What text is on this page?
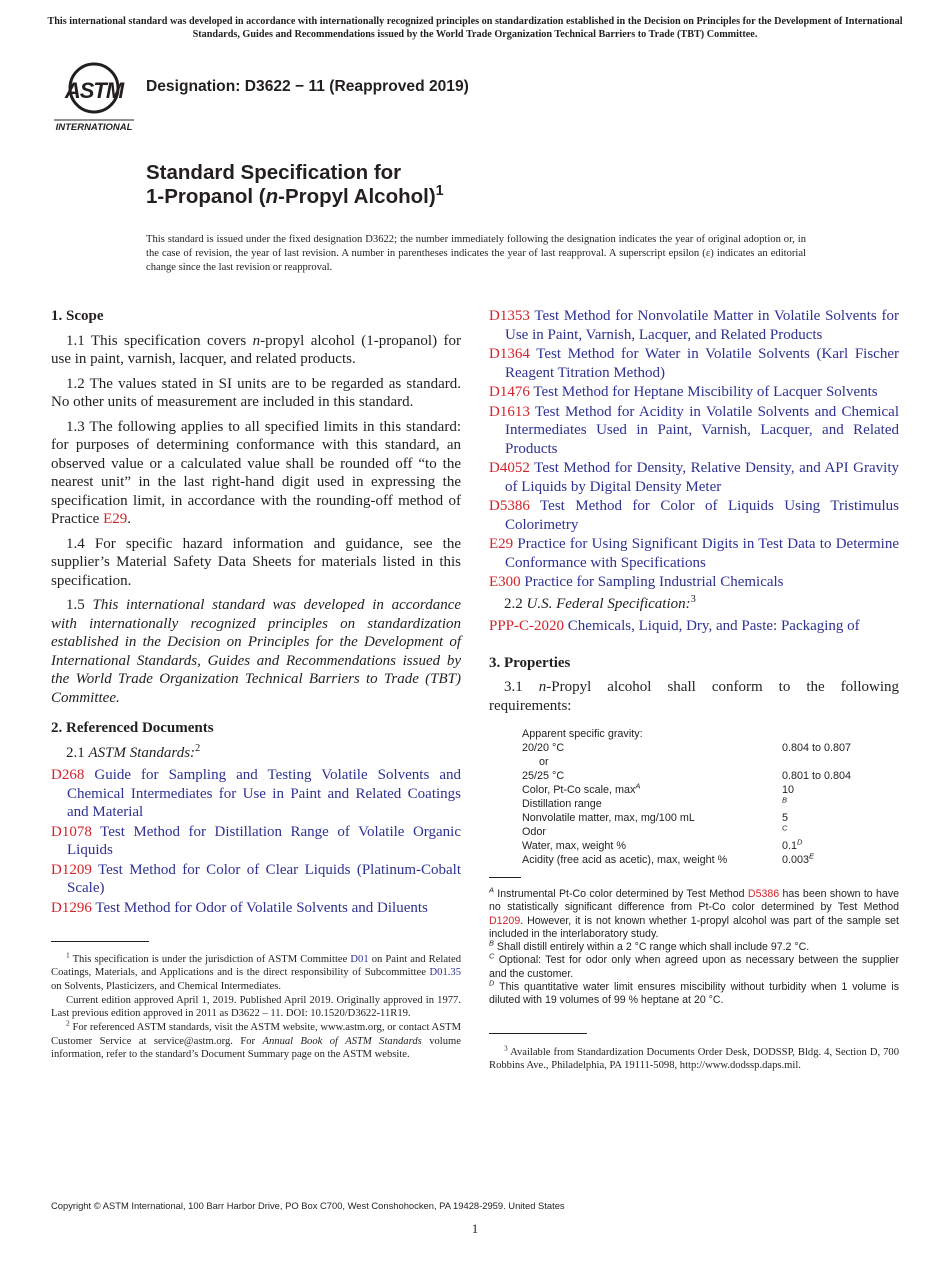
This international standard was developed in accordance with internationally recognized principles on standardization established in the Decision on Principles for the Development of International Standards, Guides and Recommendations issued by the World Trade Organization Technical Barriers to Trade (TBT) Committee.
ASTM
INTERNATIONAL
Designation: D3622 − 11 (Reapproved 2019)
Standard Specification for
1-Propanol (n-Propyl Alcohol)$^1$
This standard is issued under the fixed designation D3622; the number immediately following the designation indicates the year of original adoption or, in the case of revision, the year of last revision. A number in parentheses indicates the year of last reapproval. A superscript epsilon (ε) indicates an editorial change since the last revision or reapproval.
1. Scope

1.1 This specification covers n-propyl alcohol (1-propanol) for use in paint, varnish, lacquer, and related products.

1.2 The values stated in SI units are to be regarded as standard. No other units of measurement are included in this standard.

1.3 The following applies to all specified limits in this standard: for purposes of determining conformance with this standard, an observed value or a calculated value shall be rounded off “to the nearest unit” in the last right-hand digit used in expressing the specification limit, in accordance with the rounding-off method of Practice E29.

1.4 For specific hazard information and guidance, see the supplier’s Material Safety Data Sheets for materials listed in this specification.

1.5 This international standard was developed in accordance with internationally recognized principles on standardization established in the Decision on Principles for the Development of International Standards, Guides and Recommendations issued by the World Trade Organization Technical Barriers to Trade (TBT) Committee.

2. Referenced Documents

2.1 ASTM Standards:$^2$

D268 Guide for Sampling and Testing Volatile Solvents and Chemical Intermediates for Use in Paint and Related Coatings and Material

D1078 Test Method for Distillation Range of Volatile Organic Liquids

D1209 Test Method for Color of Clear Liquids (Platinum-Cobalt Scale)

D1296 Test Method for Odor of Volatile Solvents and Diluents

$^1$ This specification is under the jurisdiction of ASTM Committee D01 on Paint and Related Coatings, Materials, and Applications and is the direct responsibility of Subcommittee D01.35 on Solvents, Plasticizers, and Chemical Intermediates.

Current edition approved April 1, 2019. Published April 2019. Originally approved in 1977. Last previous edition approved in 2011 as D3622 – 11. DOI: 10.1520/D3622-11R19.

$^2$ For referenced ASTM standards, visit the ASTM website, www.astm.org, or contact ASTM Customer Service at service@astm.org. For Annual Book of ASTM Standards volume information, refer to the standard’s Document Summary page on the ASTM website.

D1353 Test Method for Nonvolatile Matter in Volatile Solvents for Use in Paint, Varnish, Lacquer, and Related Products

D1364 Test Method for Water in Volatile Solvents (Karl Fischer Reagent Titration Method)

D1476 Test Method for Heptane Miscibility of Lacquer Solvents

D1613 Test Method for Acidity in Volatile Solvents and Chemical Intermediates Used in Paint, Varnish, Lacquer, and Related Products

D4052 Test Method for Density, Relative Density, and API Gravity of Liquids by Digital Density Meter

D5386 Test Method for Color of Liquids Using Tristimulus Colorimetry

E29 Practice for Using Significant Digits in Test Data to Determine Conformance with Specifications

E300 Practice for Sampling Industrial Chemicals

2.2 U.S. Federal Specification:$^3$

PPP-C-2020 Chemicals, Liquid, Dry, and Paste: Packaging of

3. Properties

3.1 n-Propyl alcohol shall conform to the following requirements:

Apparent specific gravity:
20/20 °C	0.804 to 0.807
or
25/25 °C	0.801 to 0.804
Color, Pt-Co scale, $\max^A$	10
Distillation range	$^B$
Nonvolatile matter, max, mg/100 mL	5
Odor	$^C$
Water, max, weight %	$0.1^D$
Acidity (free acid as acetic), max, weight %	$0.003^E$

$^A$ Instrumental Pt-Co color determined by Test Method D5386 has been shown to have no statistically significant difference from Pt-Co color determined by Test Method D1209. However, it is not known whether 1-propyl alcohol was part of the sample set included in the interlaboratory study.

$^B$ Shall distill entirely within a 2 °C range which shall include 97.2 °C.

$^C$ Optional: Test for odor only when agreed upon as necessary between the supplier and the customer.

$^D$ This quantitative water limit ensures miscibility without turbidity when 1 volume is diluted with 19 volumes of 99 % heptane at 20 °C.

$^3$ Available from Standardization Documents Order Desk, DODSSP, Bldg. 4, Section D, 700 Robbins Ave., Philadelphia, PA 19111-5098, http://www.dodssp.daps.mil.

Copyright © ASTM International, 100 Barr Harbor Drive, PO Box C700, West Conshohocken, PA 19428-2959. United States
1
